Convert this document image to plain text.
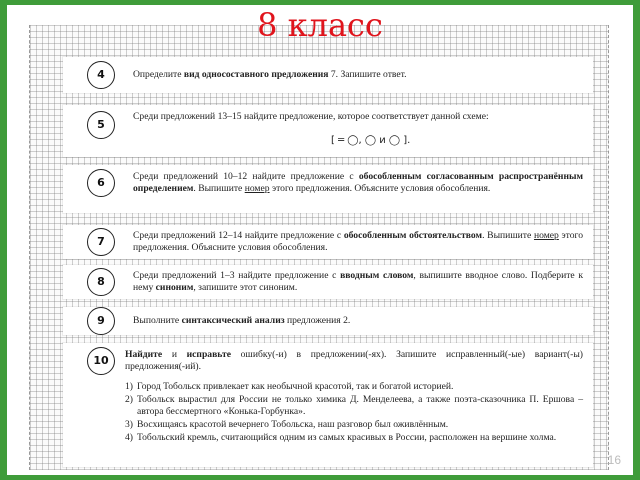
8 класс
4	Определите вид односоставного предложения 7. Запишите ответ.
5
Среди предложений 13–15 найдите предложение, которое соответствует данной схеме:
[ ═ ◯, ◯ и ◯ ].
6	Среди предложений 10–12 найдите предложение с обособленным согласованным распространённым определением. Выпишите номер этого предложения. Объясните условия обособления.
7	Среди предложений 12–14 найдите предложение с обособленным обстоятельством. Выпишите номер этого предложения. Объясните условия обособления.
8	Среди предложений 1–3 найдите предложение с вводным словом, выпишите вводное слово. Подберите к нему синоним, запишите этот синоним.
9	Выполните синтаксический анализ предложения 2.
10	Найдите и исправьте ошибку(-и) в предложении(-ях). Запишите исправленный(-ые) вариант(-ы) предложения(-ий).
1) Город Тобольск привлекает как необычной красотой, так и богатой историей.
2) Тобольск вырастил для России не только химика Д. Менделеева, а также поэта-сказочника П. Ершова – автора бессмертного «Конька-Горбунка».
3) Восхищаясь красотой вечернего Тобольска, наш разговор был оживлённым.
4) Тобольский кремль, считающийся одним из самых красивых в России, расположен на вершине холма.
16
